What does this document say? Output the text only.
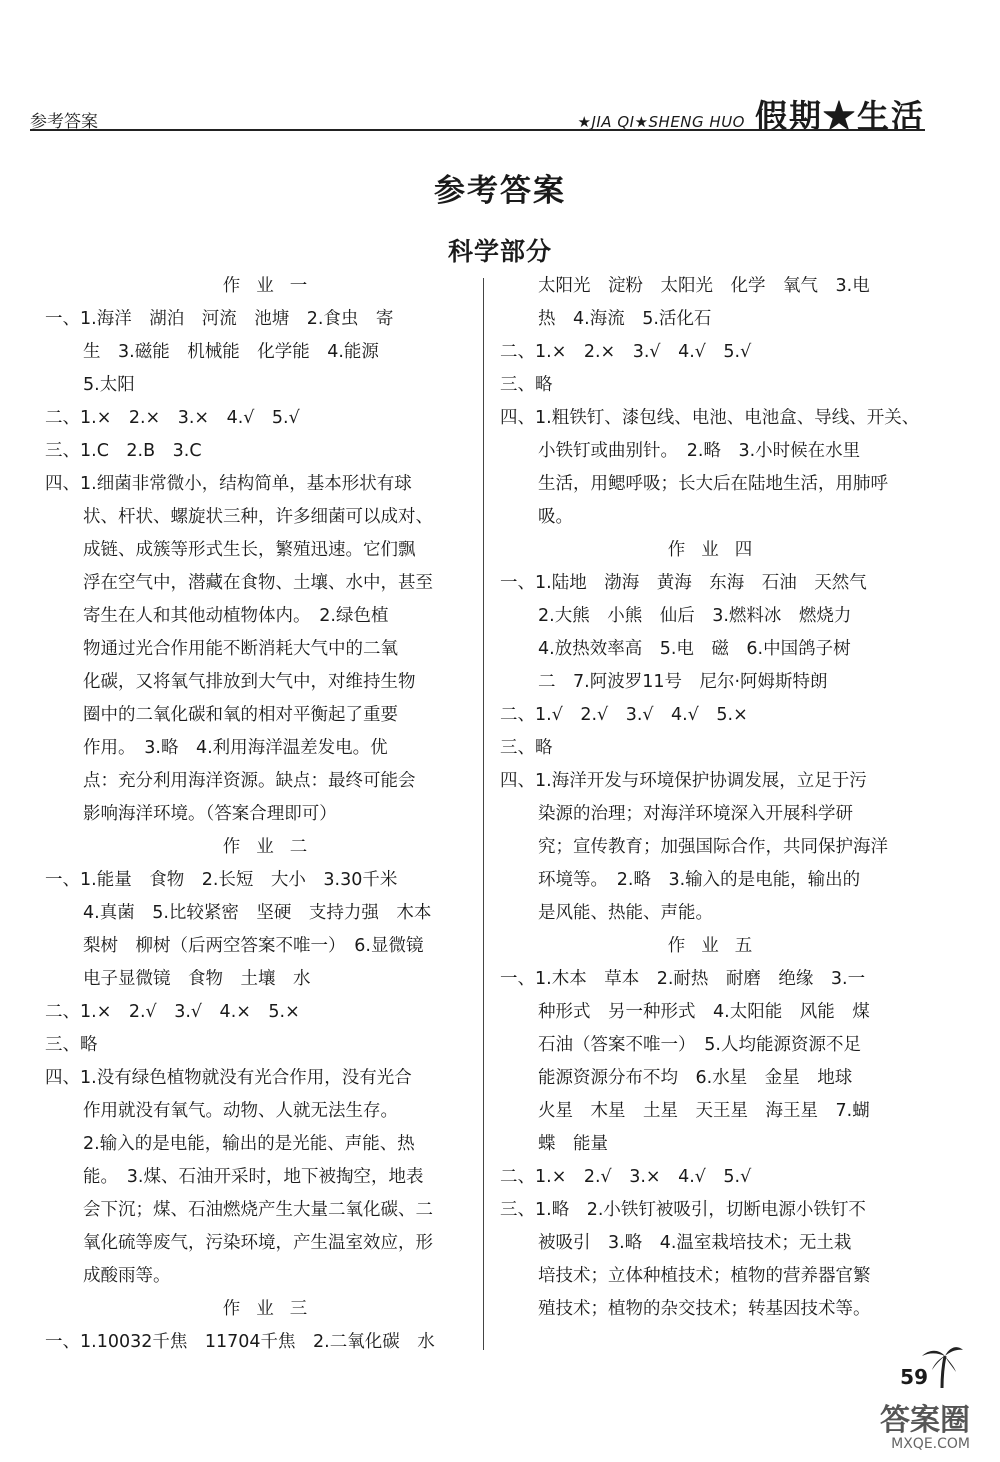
参考答案	★JIA QI★SHENG HUO 假期★生活
参考答案
科学部分
作业一
一、1.海洋　湖泊　河流　池塘　2.食虫　寄
生　3.磁能　机械能　化学能　4.能源
5.太阳
二、1.×　2.×　3.×　4.√　5.√
三、1.C　2.B　3.C
四、1.细菌非常微小，结构简单，基本形状有球
状、杆状、螺旋状三种，许多细菌可以成对、
成链、成簇等形式生长，繁殖迅速。它们飘
浮在空气中，潜藏在食物、土壤、水中，甚至
寄生在人和其他动植物体内。　2.绿色植
物通过光合作用能不断消耗大气中的二氧
化碳，又将氧气排放到大气中，对维持生物
圈中的二氧化碳和氧的相对平衡起了重要
作用。　3.略　4.利用海洋温差发电。优
点：充分利用海洋资源。缺点：最终可能会
影响海洋环境。（答案合理即可）
作业二
一、1.能量　食物　2.长短　大小　3.30千米
4.真菌　5.比较紧密　坚硬　支持力强　木本
梨树　柳树（后两空答案不唯一）　6.显微镜
电子显微镜　食物　土壤　水
二、1.×　2.√　3.√　4.×　5.×
三、略
四、1.没有绿色植物就没有光合作用，没有光合
作用就没有氧气。动物、人就无法生存。
2.输入的是电能，输出的是光能、声能、热
能。　3.煤、石油开采时，地下被掏空，地表
会下沉；煤、石油燃烧产生大量二氧化碳、二
氧化硫等废气，污染环境，产生温室效应，形
成酸雨等。
作业三
一、1.10032千焦　11704千焦　2.二氧化碳　水
太阳光　淀粉　太阳光　化学　氧气　3.电
热　4.海流　5.活化石
二、1.×　2.×　3.√　4.√　5.√
三、略
四、1.粗铁钉、漆包线、电池、电池盒、导线、开关、
小铁钉或曲别针。　2.略　3.小时候在水里
生活，用鳃呼吸；长大后在陆地生活，用肺呼
吸。
作业四
一、1.陆地　渤海　黄海　东海　石油　天然气
2.大熊　小熊　仙后　3.燃料冰　燃烧力
4.放热效率高　5.电　磁　6.中国鸽子树
二　7.阿波罗11号　尼尔·阿姆斯特朗
二、1.√　2.√　3.√　4.√　5.×
三、略
四、1.海洋开发与环境保护协调发展，立足于污
染源的治理；对海洋环境深入开展科学研
究；宣传教育；加强国际合作，共同保护海洋
环境等。　2.略　3.输入的是电能，输出的
是风能、热能、声能。
作业五
一、1.木本　草本　2.耐热　耐磨　绝缘　3.一
种形式　另一种形式　4.太阳能　风能　煤
石油（答案不唯一）　5.人均能源资源不足
能源资源分布不均　6.水星　金星　地球
火星　木星　土星　天王星　海王星　7.蝴
蝶　能量
二、1.×　2.√　3.×　4.√　5.√
三、1.略　2.小铁钉被吸引，切断电源小铁钉不
被吸引　3.略　4.温室栽培技术；无土栽
培技术；立体种植技术；植物的营养器官繁
殖技术；植物的杂交技术；转基因技术等。
59
答案圈
MXQE.COM
